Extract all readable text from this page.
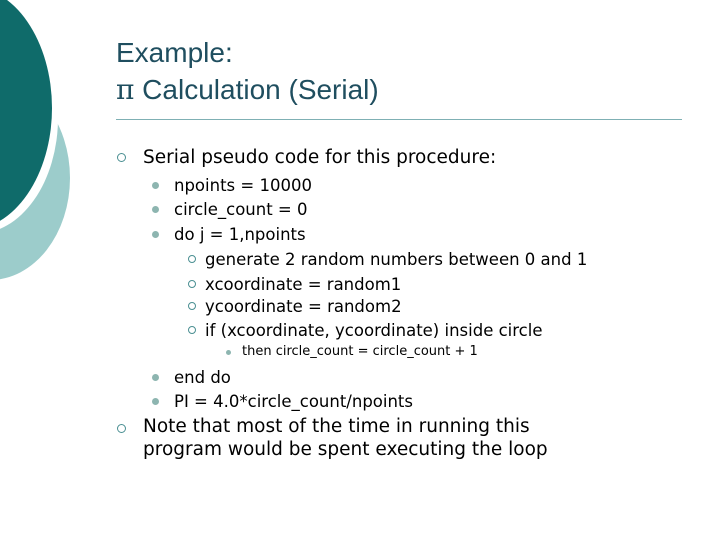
Example:
π Calculation (Serial)
Serial pseudo code for this procedure:
npoints = 10000
circle_count = 0
do j = 1,npoints
generate 2 random numbers between 0 and 1
xcoordinate = random1
ycoordinate = random2
if (xcoordinate, ycoordinate) inside circle
then circle_count = circle_count + 1
end do
PI = 4.0*circle_count/npoints
Note that most of the time in running this
program would be spent executing the loop
